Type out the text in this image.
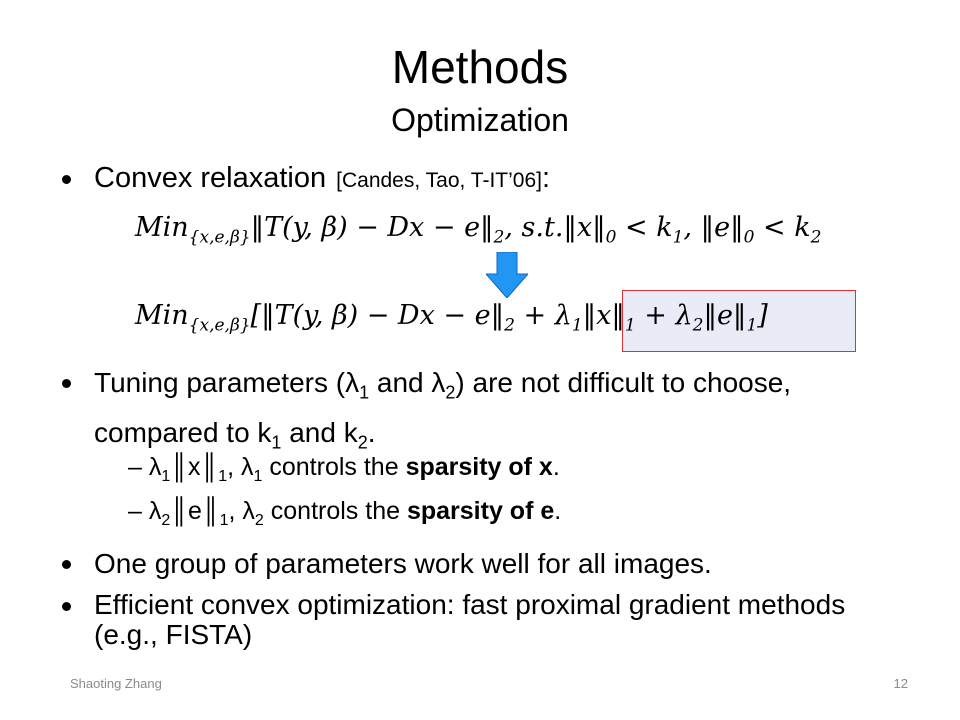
Methods
Optimization
Convex relaxation [Candes, Tao, T-IT’06]:
Min$_{\{x,e,\beta\}}$‖T(y, $\beta) - Dx - e‖_2$, $s.t.‖x‖_0 < k_1$, $‖e‖_0 < k_2$
Min$_{\{x,e,\beta\}}$[‖T(y, $\beta) - Dx - e‖_2$ + $\lambda_1‖x‖_1$ + $\lambda_2‖e‖_1$]
Tuning parameters ($\lambda_1$ and $\lambda_2$) are not difficult to choose, compared to $k_1$ and $k_2$.
– $\lambda_1║x║_1$, $\lambda_1$ controls the sparsity of x.
– $\lambda_2║e║_1$, $\lambda_2$ controls the sparsity of e.
One group of parameters work well for all images.
Efficient convex optimization: fast proximal gradient methods (e.g., FISTA)
Shaoting Zhang	12
